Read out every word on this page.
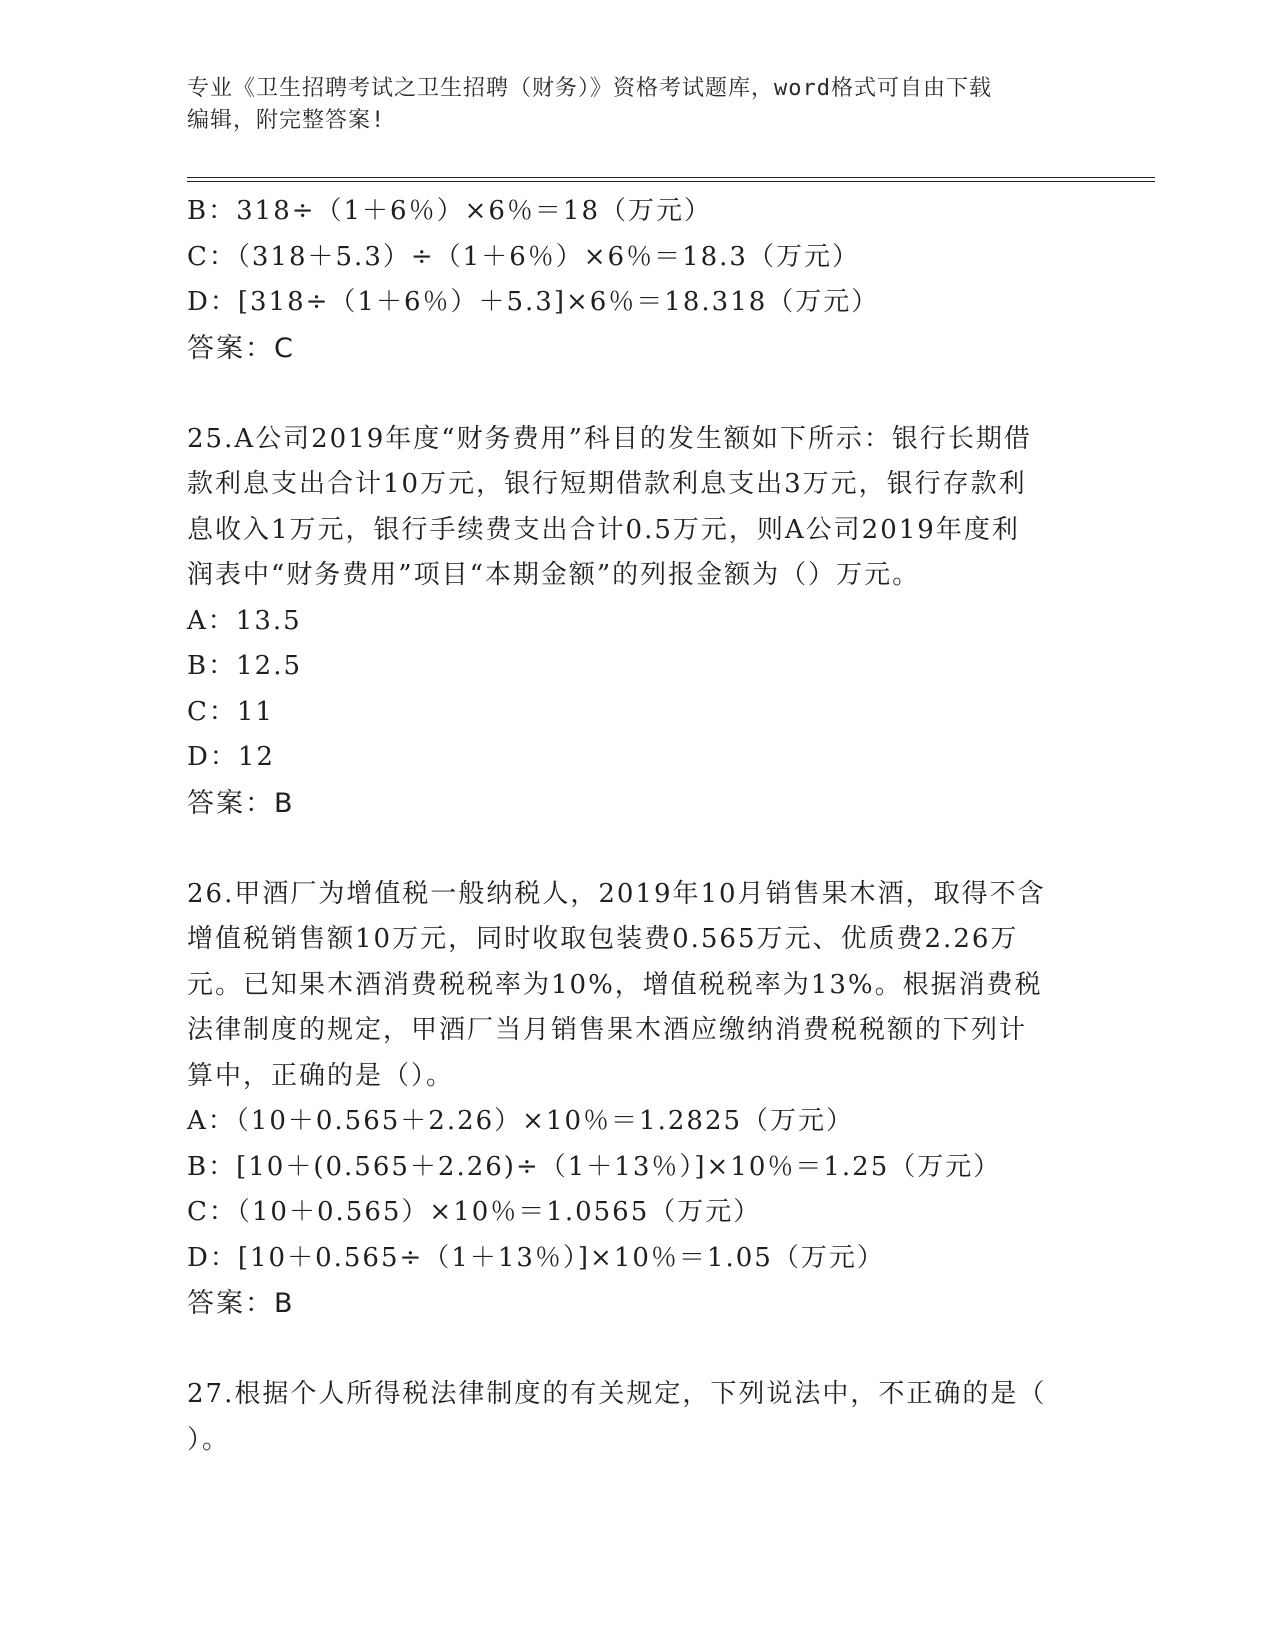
专业《卫生招聘考试之卫生招聘（财务）》资格考试题库，word格式可自由下载
编辑，附完整答案!
B：318÷（1＋6％）×6％＝18（万元）
C：（318＋5.3）÷（1＋6％）×6％＝18.3（万元）
D：[318÷（1＋6％）＋5.3]×6％＝18.318（万元）
答案：C
25.A公司2019年度“财务费用”科目的发生额如下所示：银行长期借
款利息支出合计10万元，银行短期借款利息支出3万元，银行存款利
息收入1万元，银行手续费支出合计0.5万元，则A公司2019年度利
润表中“财务费用”项目“本期金额”的列报金额为（）万元。
A：13.5
B：12.5
C：11
D：12
答案：B
26.甲酒厂为增值税一般纳税人，2019年10月销售果木酒，取得不含
增值税销售额10万元，同时收取包装费0.565万元、优质费2.26万
元。已知果木酒消费税税率为10%，增值税税率为13%。根据消费税
法律制度的规定，甲酒厂当月销售果木酒应缴纳消费税税额的下列计
算中，正确的是（）。
A：（10＋0.565＋2.26）×10％＝1.2825（万元）
B：[10＋(0.565＋2.26)÷（1＋13％）]×10％＝1.25（万元）
C：（10＋0.565）×10％＝1.0565（万元）
D：[10＋0.565÷（1＋13％）]×10％＝1.05（万元）
答案：B
27.根据个人所得税法律制度的有关规定，下列说法中，不正确的是（
）。
